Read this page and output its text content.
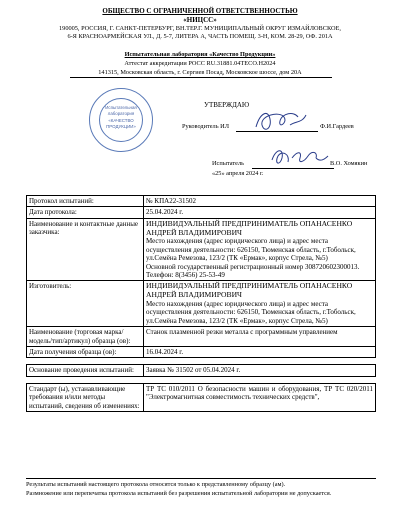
ОБЩЕСТВО С ОГРАНИЧЕННОЙ ОТВЕТСТВЕННОСТЬЮ
«НИЦСС»
190005, РОССИЯ, Г. САНКТ-ПЕТЕРБУРГ, ВН.ТЕР.Г. МУНИЦИПАЛЬНЫЙ ОКРУГ ИЗМАЙЛОВСКОЕ,
6-Я КРАСНОАРМЕЙСКАЯ УЛ., Д. 5-7, ЛИТЕРА А, ЧАСТЬ ПОМЕЩ. 3-Н, КОМ. 28-29, ОФ. 201А
Испытательная лаборатория «Качество Продукции»
Аттестат аккредитации РОСС RU.31881.04ТЕСО.Н2024
141315, Московская область, г. Сергиев Посад, Московское шоссе, дом 20А
УТВЕРЖДАЮ
Руководитель ИЛ	Ф.И.Гардеев
Испытатель	В.О. Хомякин
«25» апреля 2024 г.
Испытательная
лаборатория
«КАЧЕСТВО
ПРОДУКЦИИ»
Протокол испытаний:	№ КПА22-31502
Дата протокола:	25.04.2024 г.
Наименование и контактные данные заказчика:	ИНДИВИДУАЛЬНЫЙ ПРЕДПРИНИМАТЕЛЬ ОПАНАСЕНКО АНДРЕЙ ВЛАДИМИРОВИЧ
Место нахождения (адрес юридического лица) и адрес места осуществления деятельности: 626150, Тюменская область, г.Тобольск, ул.Семёна Ремезова, 123/2 (ТК «Ермак», корпус Стрела, №5)
Основной государственный регистрационный номер 308720602300013.
Телефон: 8(3456) 25-53-49

Изготовитель:	ИНДИВИДУАЛЬНЫЙ ПРЕДПРИНИМАТЕЛЬ ОПАНАСЕНКО АНДРЕЙ ВЛАДИМИРОВИЧ
Место нахождения (адрес юридического лица) и адрес места осуществления деятельности: 626150, Тюменская область, г.Тобольск, ул.Семёна Ремезова, 123/2 (ТК «Ермак», корпус Стрела, №5)

Наименование (торговая марка/модель/тип/артикул) образца (ов):	Станок плазменной резки металла с программным управлением
Дата получения образца (ов):	16.04.2024 г.

Основание проведения испытаний:	Заявка № 31502 от 05.04.2024 г.

Стандарт (ы), устанавливающие требования и/или методы испытаний, сведения об изменениях:	ТР ТС 010/2011 О безопасности машин и оборудования, ТР ТС 020/2011 "Электромагнитная совместимость технических средств",
Результаты испытаний настоящего протокола относятся только к представленному образцу (ам).
Размножение или перепечатка протокола испытаний без разрешения испытательной лаборатории не допускается.
